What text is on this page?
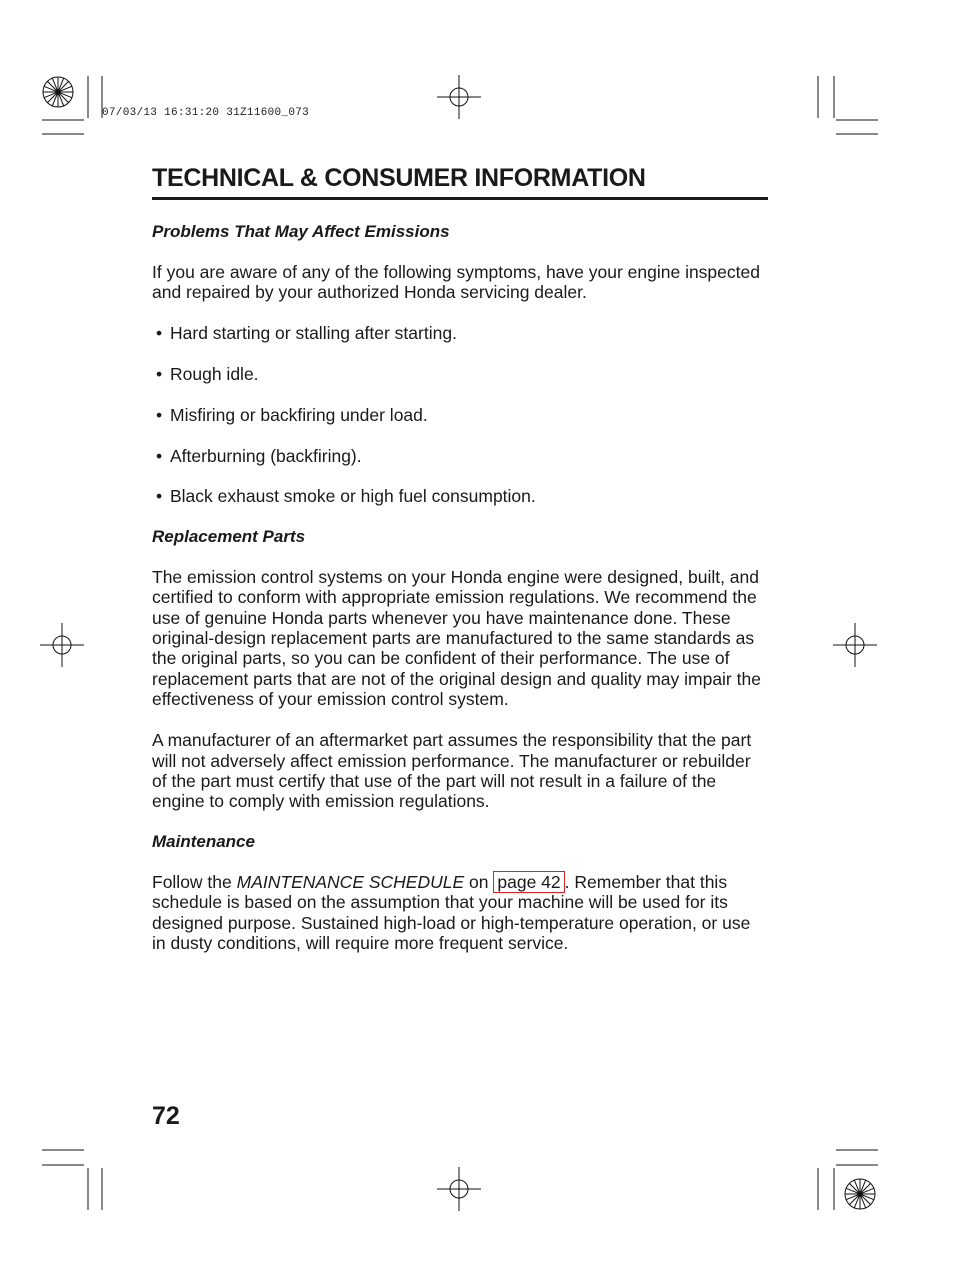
07/03/13 16:31:20 31Z11600_073
TECHNICAL & CONSUMER INFORMATION
Problems That May Affect Emissions

If you are aware of any of the following symptoms, have your engine inspected and repaired by your authorized Honda servicing dealer.

• Hard starting or stalling after starting.
• Rough idle.
• Misfiring or backfiring under load.
• Afterburning (backfiring).
• Black exhaust smoke or high fuel consumption.
Replacement Parts

The emission control systems on your Honda engine were designed, built, and certified to conform with appropriate emission regulations. We recommend the use of genuine Honda parts whenever you have maintenance done. These original-design replacement parts are manufactured to the same standards as the original parts, so you can be confident of their performance. The use of replacement parts that are not of the original design and quality may impair the effectiveness of your emission control system.

A manufacturer of an aftermarket part assumes the responsibility that the part will not adversely affect emission performance. The manufacturer or rebuilder of the part must certify that use of the part will not result in a failure of the engine to comply with emission regulations.

Maintenance

Follow the MAINTENANCE SCHEDULE on page 42 . Remember that this schedule is based on the assumption that your machine will be used for its designed purpose. Sustained high-load or high-temperature operation, or use in dusty conditions, will require more frequent service.

72
